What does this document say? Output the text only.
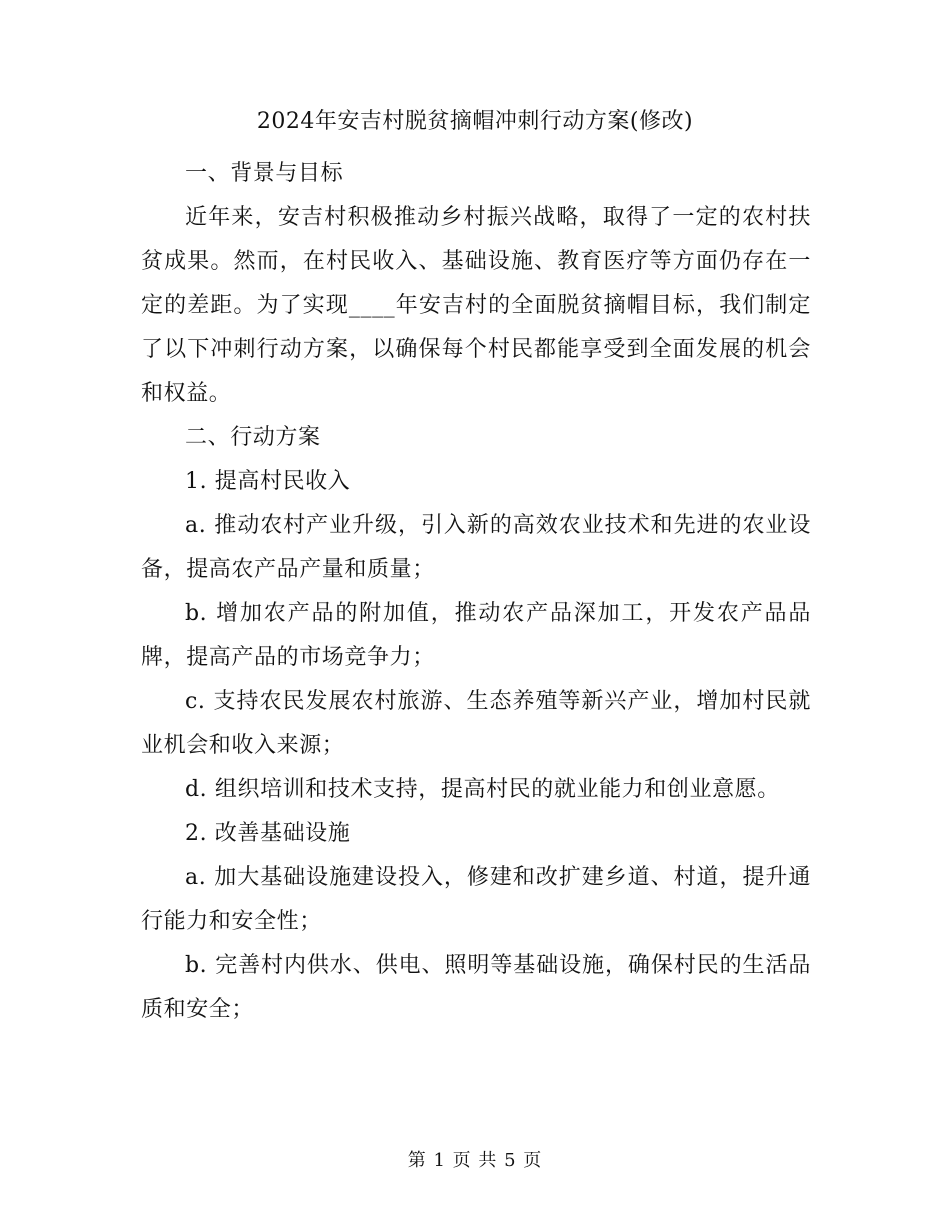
2024年安吉村脱贫摘帽冲刺行动方案(修改)

一、背景与目标

近年来，安吉村积极推动乡村振兴战略，取得了一定的农村扶贫成果。然而，在村民收入、基础设施、教育医疗等方面仍存在一定的差距。为了实现____年安吉村的全面脱贫摘帽目标，我们制定了以下冲刺行动方案，以确保每个村民都能享受到全面发展的机会和权益。

二、行动方案

1. 提高村民收入

a. 推动农村产业升级，引入新的高效农业技术和先进的农业设备，提高农产品产量和质量；

b. 增加农产品的附加值，推动农产品深加工，开发农产品品牌，提高产品的市场竞争力；

c. 支持农民发展农村旅游、生态养殖等新兴产业，增加村民就业机会和收入来源；

d. 组织培训和技术支持，提高村民的就业能力和创业意愿。

2. 改善基础设施

a. 加大基础设施建设投入，修建和改扩建乡道、村道，提升通行能力和安全性；

b. 完善村内供水、供电、照明等基础设施，确保村民的生活品质和安全；

第 1 页 共 5 页
